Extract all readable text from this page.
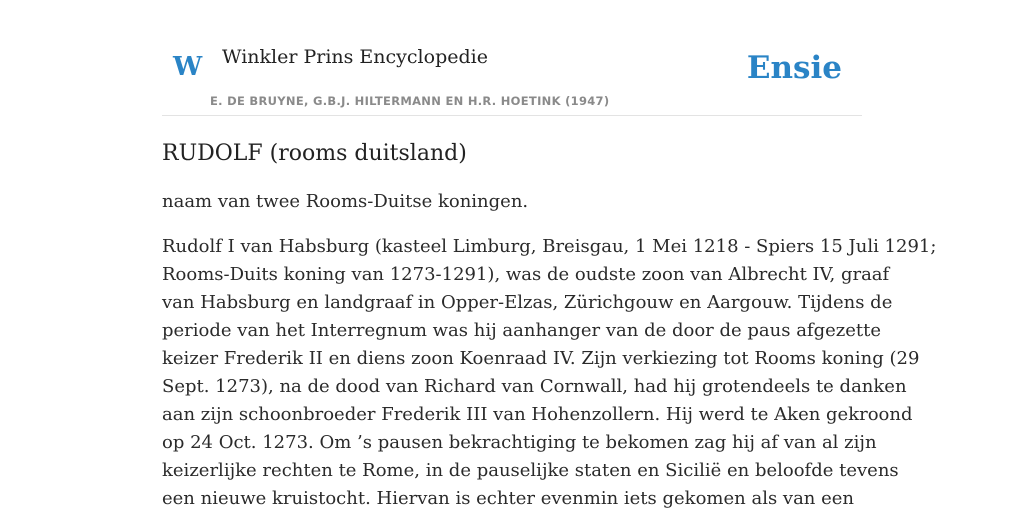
W Winkler Prins Encyclopedie
E. DE BRUYNE, G.B.J. HILTERMANN EN H.R. HOETINK (1947)
Ensie
RUDOLF (rooms duitsland)

naam van twee Rooms-Duitse koningen.

Rudolf I van Habsburg (kasteel Limburg, Breisgau, 1 Mei 1218 - Spiers 15 Juli 1291;
Rooms-Duits koning van 1273-1291), was de oudste zoon van Albrecht IV, graaf
van Habsburg en landgraaf in Opper-Elzas, Zürichgouw en Aargouw. Tijdens de
periode van het Interregnum was hij aanhanger van de door de paus afgezette
keizer Frederik II en diens zoon Koenraad IV. Zijn verkiezing tot Rooms koning (29
Sept. 1273), na de dood van Richard van Cornwall, had hij grotendeels te danken
aan zijn schoonbroeder Frederik III van Hohenzollern. Hij werd te Aken gekroond
op 24 Oct. 1273. Om ’s pausen bekrachtiging te bekomen zag hij af van al zijn
keizerlijke rechten te Rome, in de pauselijke staten en Sicilië en beloofde tevens
een nieuwe kruistocht. Hiervan is echter evenmin iets gekomen als van een
